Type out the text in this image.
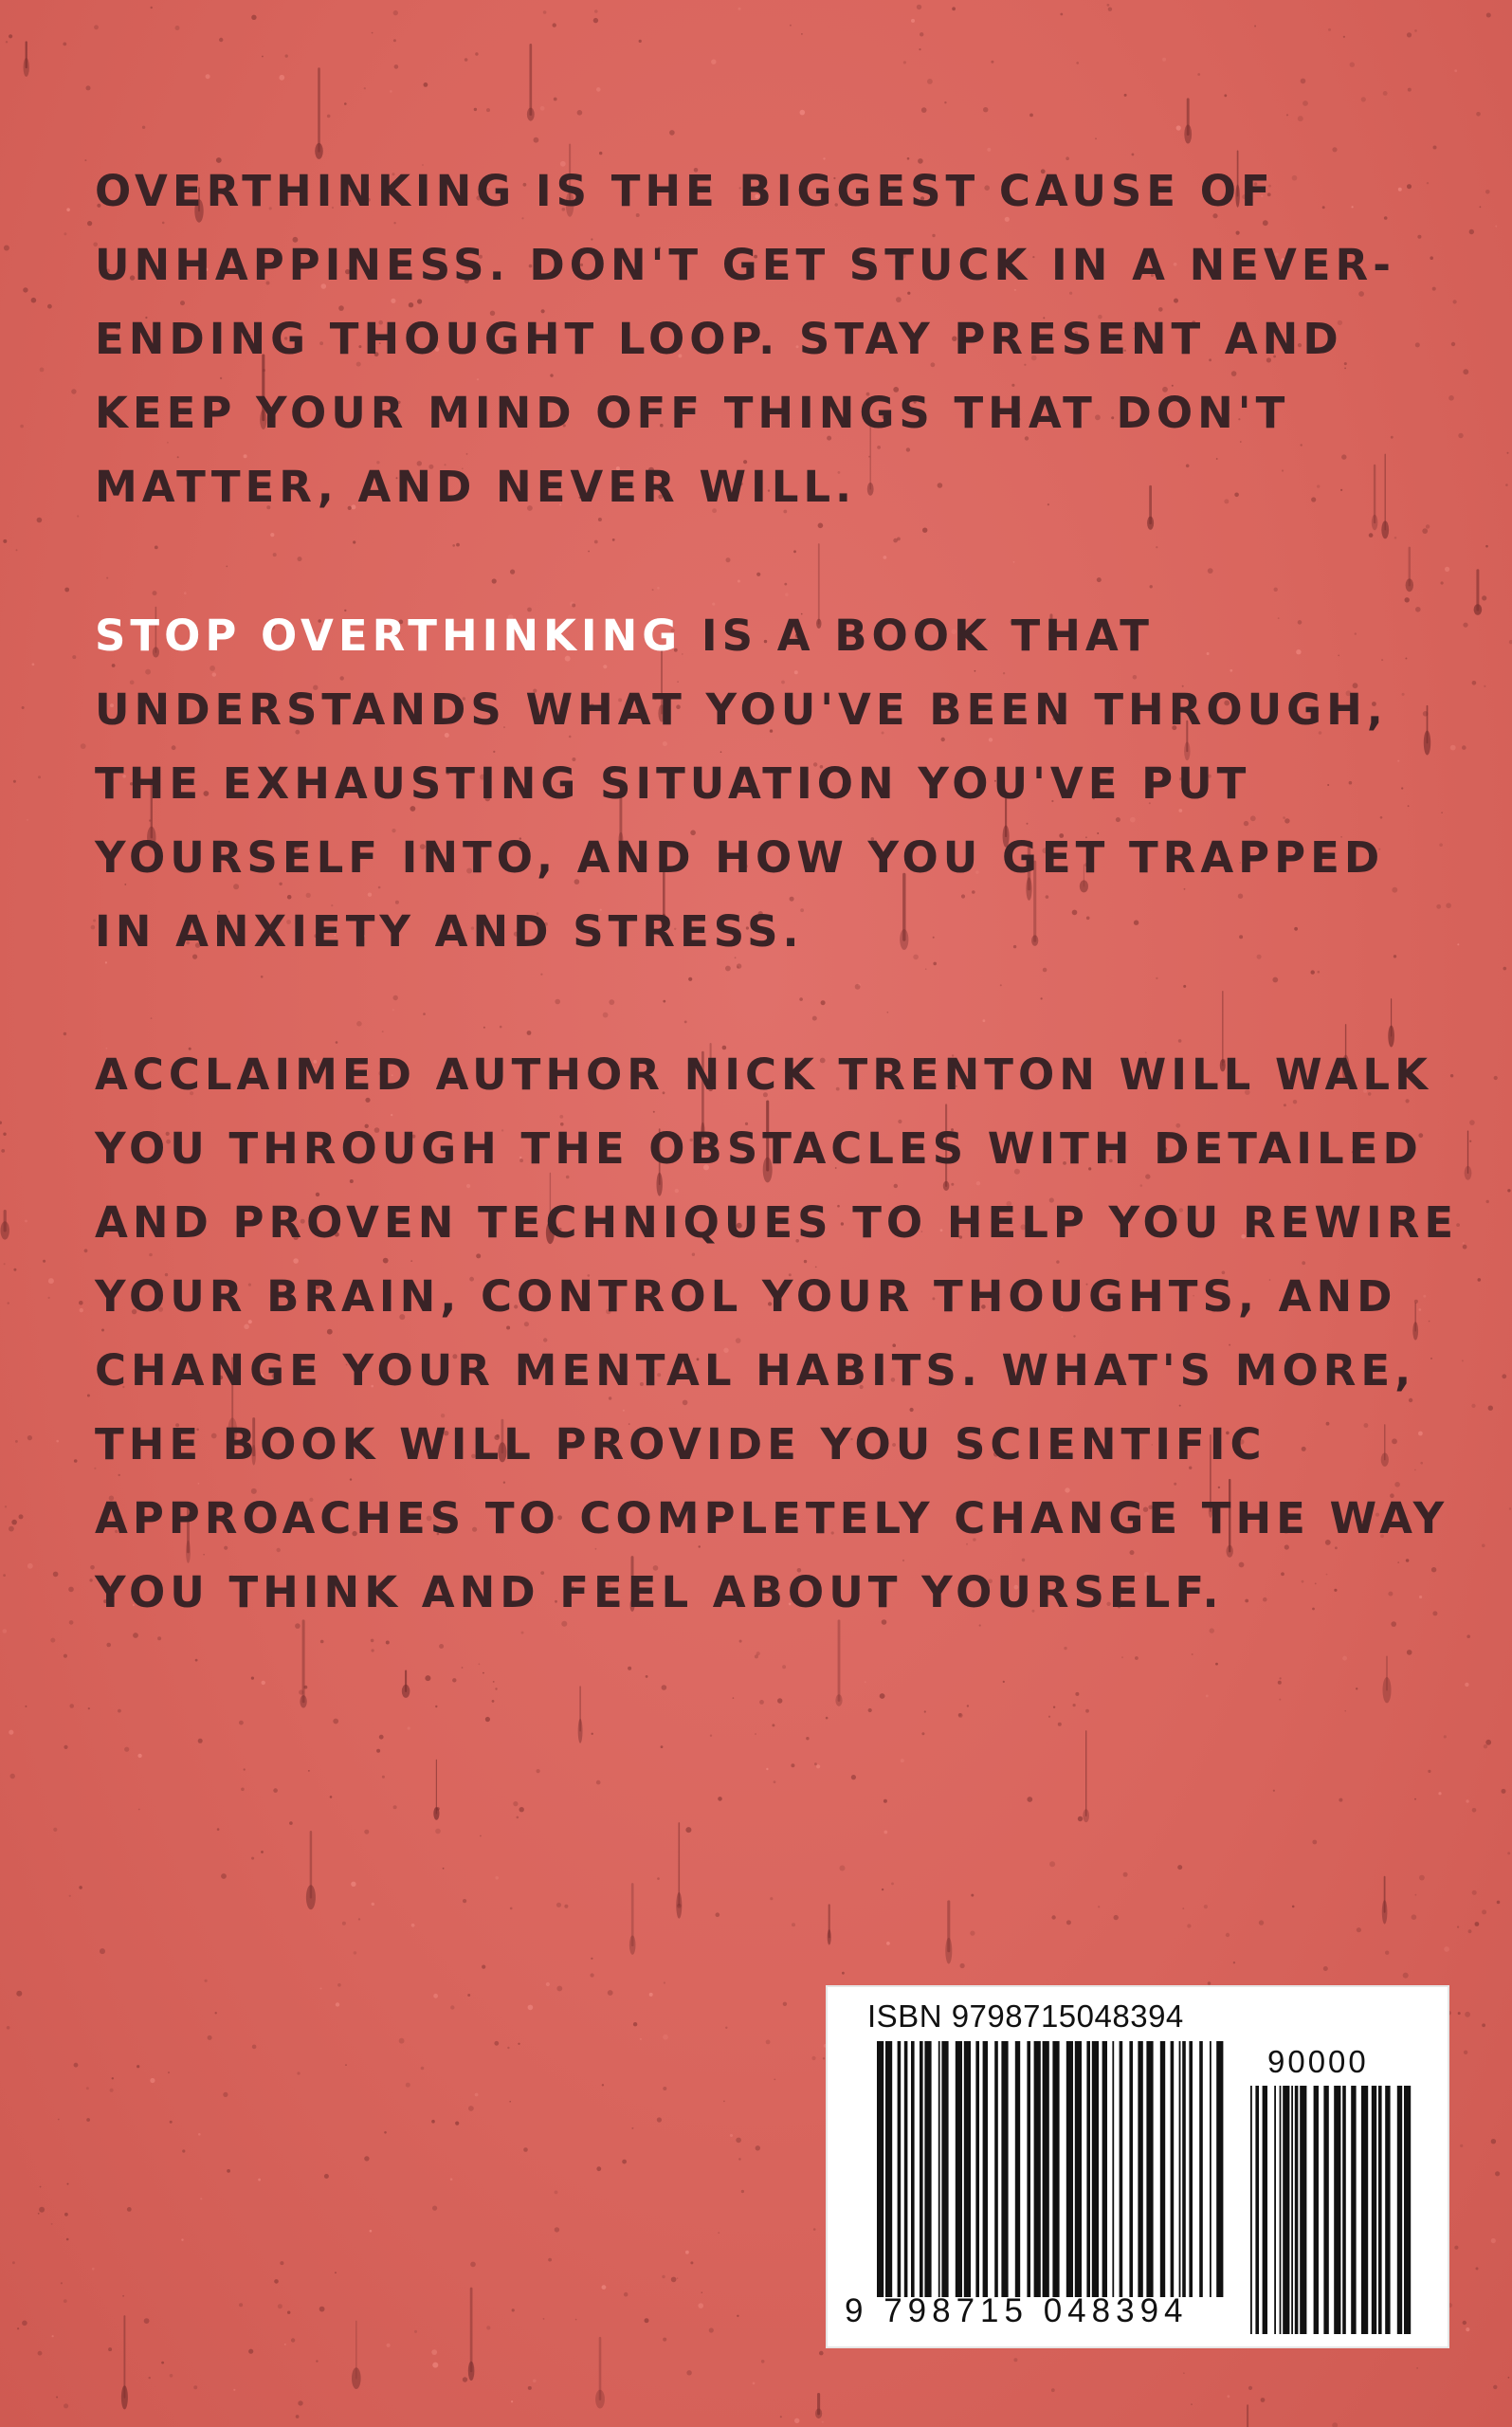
OVERTHINKING IS THE BIGGEST CAUSE OF UNHAPPINESS. DON'T GET STUCK IN A NEVER-ENDING THOUGHT LOOP. STAY PRESENT AND KEEP YOUR MIND OFF THINGS THAT DON'T MATTER, AND NEVER WILL.

STOP OVERTHINKING IS A BOOK THAT UNDERSTANDS WHAT YOU'VE BEEN THROUGH, THE EXHAUSTING SITUATION YOU'VE PUT YOURSELF INTO, AND HOW YOU GET TRAPPED IN ANXIETY AND STRESS.

ACCLAIMED AUTHOR NICK TRENTON WILL WALK YOU THROUGH THE OBSTACLES WITH DETAILED AND PROVEN TECHNIQUES TO HELP YOU REWIRE YOUR BRAIN, CONTROL YOUR THOUGHTS, AND CHANGE YOUR MENTAL HABITS. WHAT'S MORE, THE BOOK WILL PROVIDE YOU SCIENTIFIC APPROACHES TO COMPLETELY CHANGE THE WAY YOU THINK AND FEEL ABOUT YOURSELF.

ISBN 9798715048394
90000
9 798715 048394
